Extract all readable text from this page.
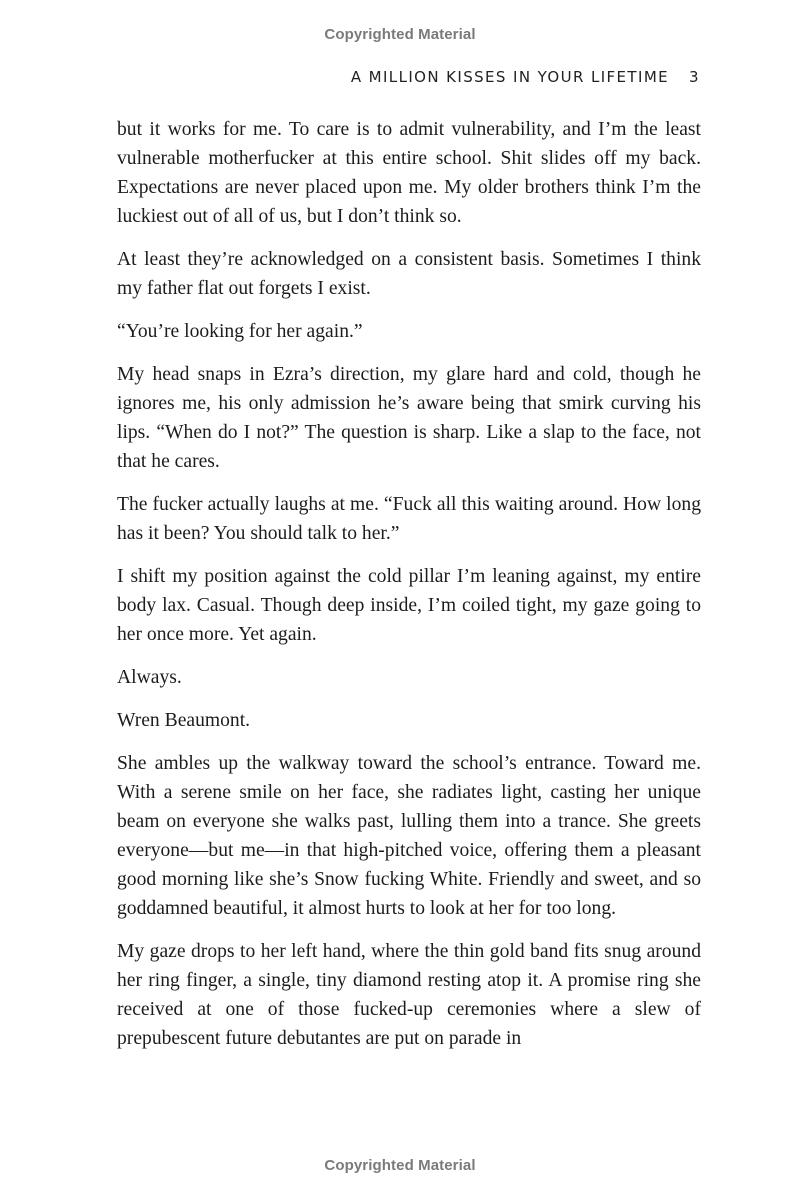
Copyrighted Material
A MILLION KISSES IN YOUR LIFETIME 3

but it works for me. To care is to admit vulnerability, and I’m the least vulnerable motherfucker at this entire school. Shit slides off my back. Expectations are never placed upon me. My older brothers think I’m the luckiest out of all of us, but I don’t think so.

At least they’re acknowledged on a consistent basis. Sometimes I think my father flat out forgets I exist.

“You’re looking for her again.”

My head snaps in Ezra’s direction, my glare hard and cold, though he ignores me, his only admission he’s aware being that smirk curving his lips. “When do I not?” The question is sharp. Like a slap to the face, not that he cares.

The fucker actually laughs at me. “Fuck all this waiting around. How long has it been? You should talk to her.”

I shift my position against the cold pillar I’m leaning against, my entire body lax. Casual. Though deep inside, I’m coiled tight, my gaze going to her once more. Yet again.

Always.

Wren Beaumont.

She ambles up the walkway toward the school’s entrance. Toward me. With a serene smile on her face, she radiates light, casting her unique beam on everyone she walks past, lulling them into a trance. She greets everyone—but me—in that high-pitched voice, offering them a pleasant good morning like she’s Snow fucking White. Friendly and sweet, and so goddamned beautiful, it almost hurts to look at her for too long.

My gaze drops to her left hand, where the thin gold band fits snug around her ring finger, a single, tiny diamond resting atop it. A promise ring she received at one of those fucked-up ceremonies where a slew of prepubescent future debutantes are put on parade in

Copyrighted Material
